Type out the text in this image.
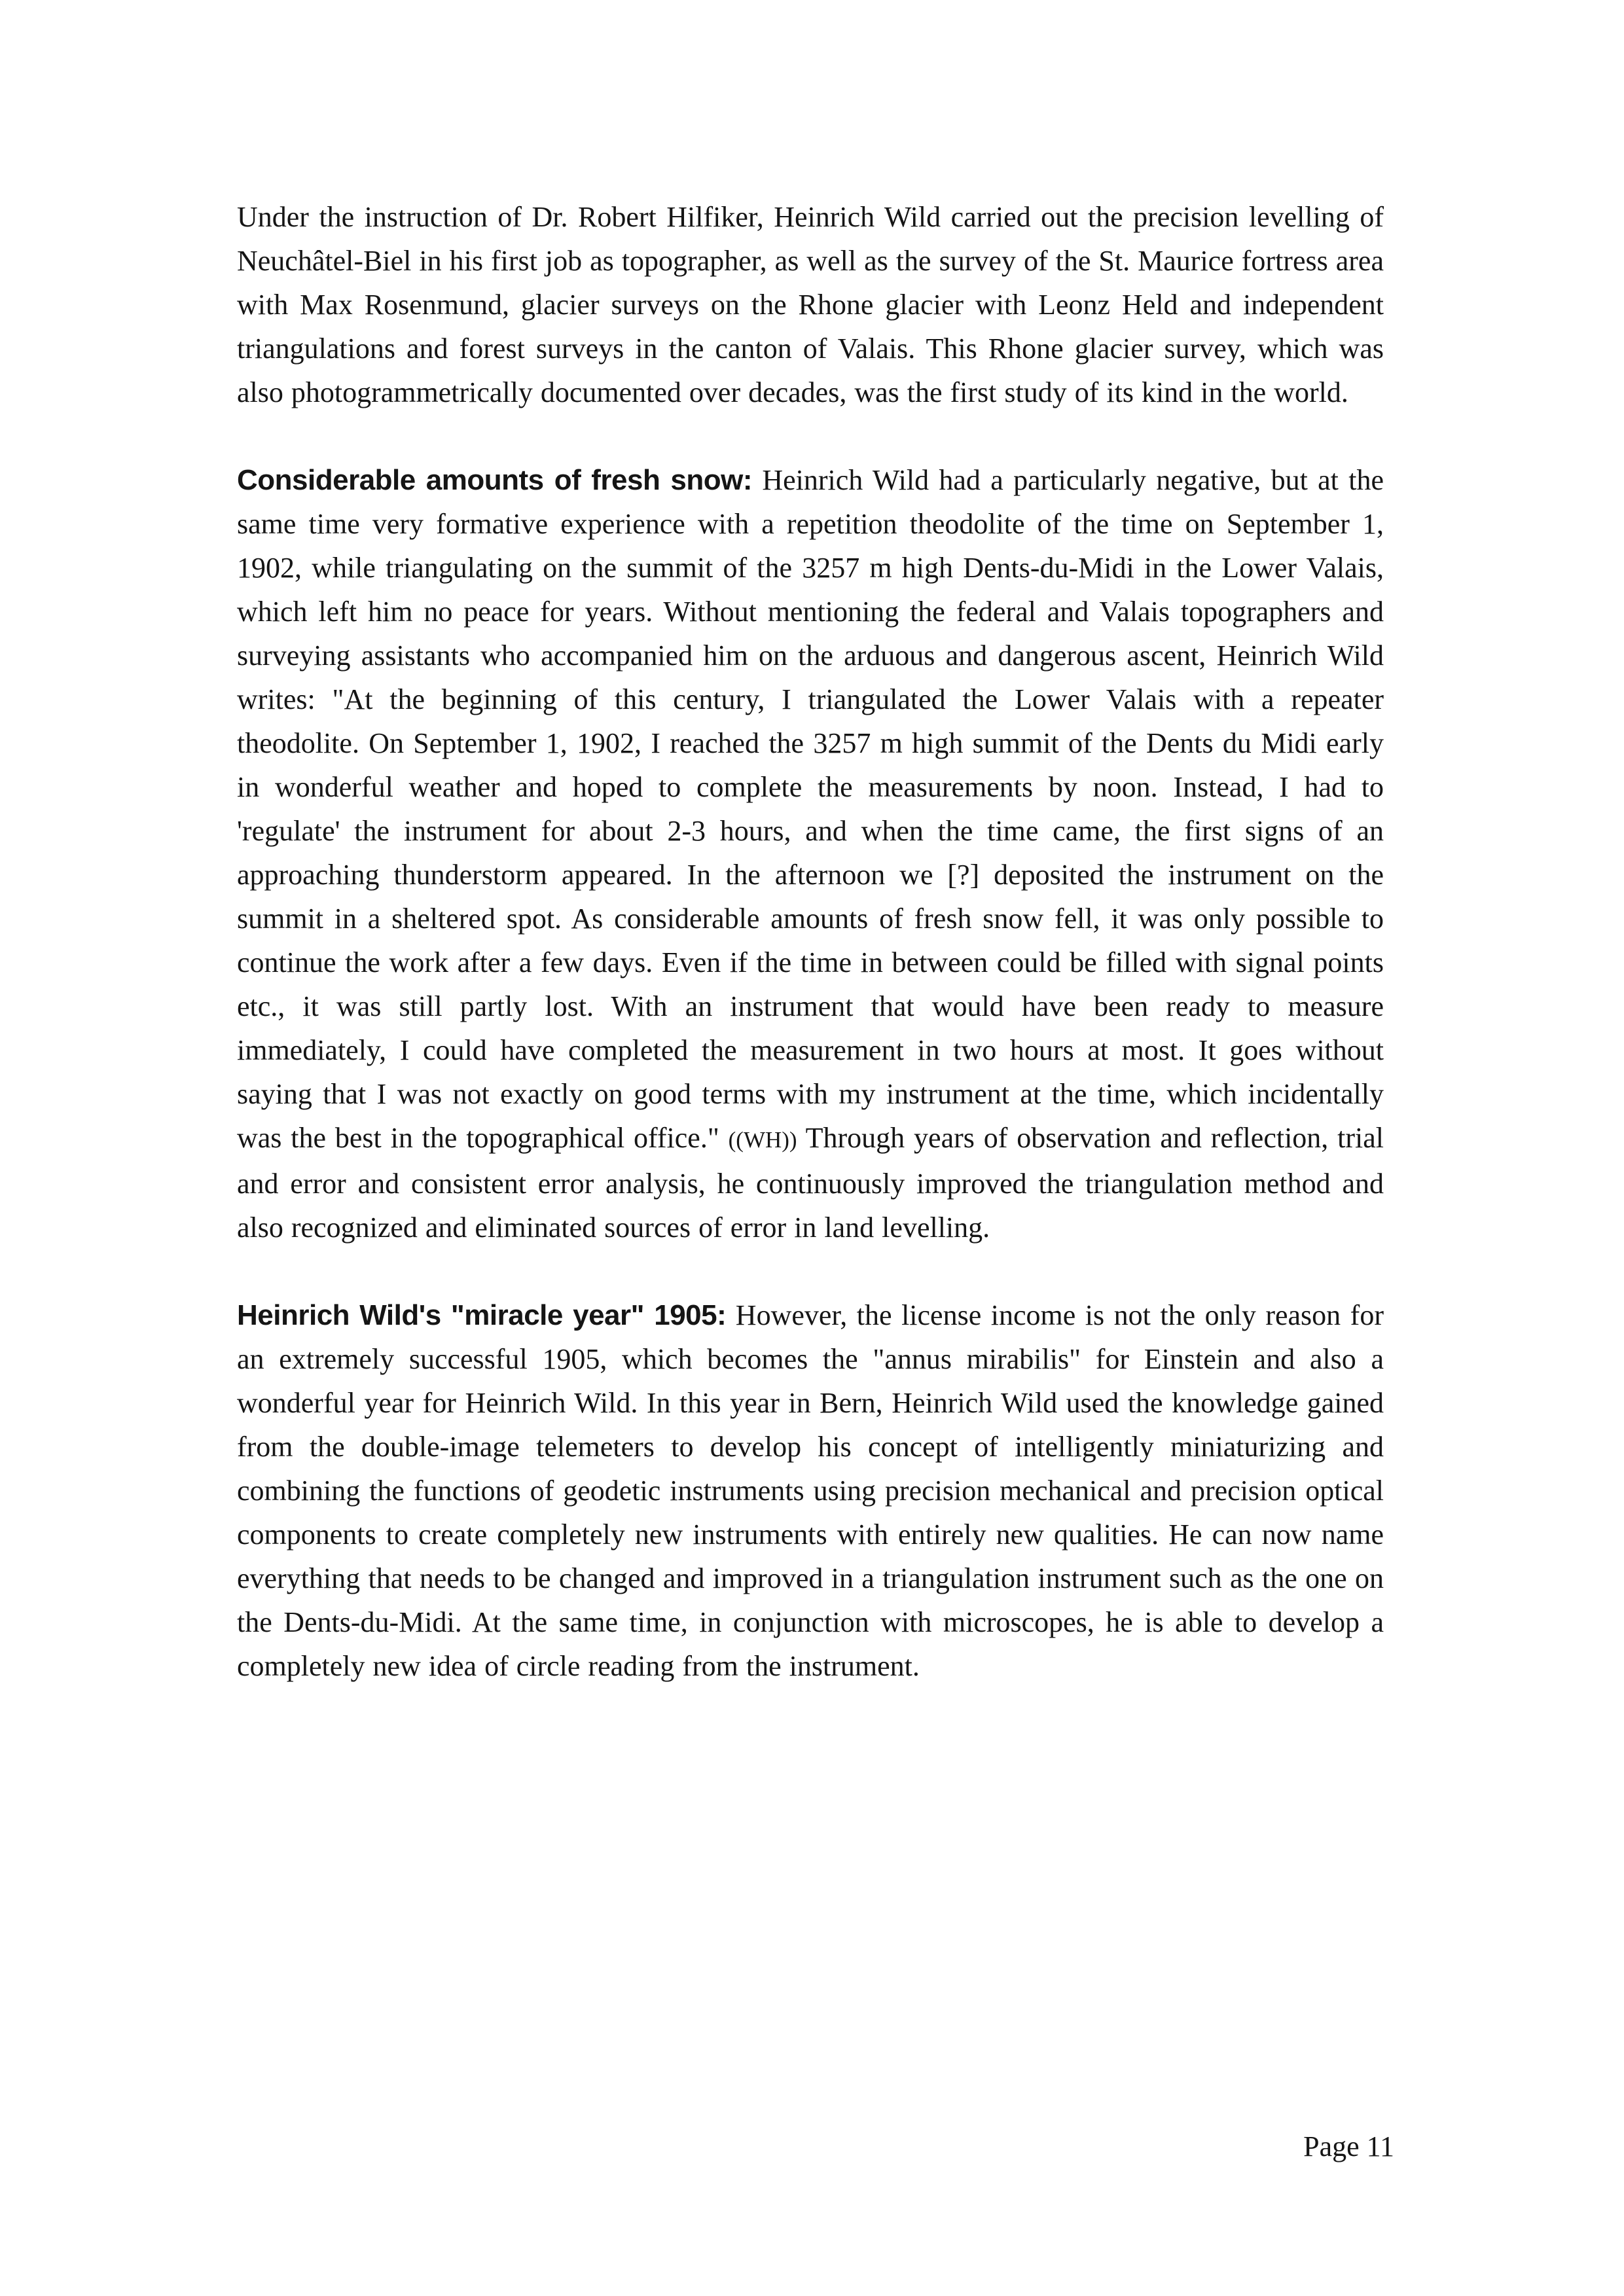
Under the instruction of Dr. Robert Hilfiker, Heinrich Wild carried out the precision levelling of Neuchâtel-Biel in his first job as topographer, as well as the survey of the St. Maurice fortress area with Max Rosenmund, glacier surveys on the Rhone glacier with Leonz Held and independent triangulations and forest surveys in the canton of Valais. This Rhone glacier survey, which was also photogrammetrically documented over decades, was the first study of its kind in the world.

Considerable amounts of fresh snow: Heinrich Wild had a particularly negative, but at the same time very formative experience with a repetition theodolite of the time on September 1, 1902, while triangulating on the summit of the 3257 m high Dents-du-Midi in the Lower Valais, which left him no peace for years. Without mentioning the federal and Valais topographers and surveying assistants who accompanied him on the arduous and dangerous ascent, Heinrich Wild writes: "At the beginning of this century, I triangulated the Lower Valais with a repeater theodolite. On September 1, 1902, I reached the 3257 m high summit of the Dents du Midi early in wonderful weather and hoped to complete the measurements by noon. Instead, I had to 'regulate' the instrument for about 2-3 hours, and when the time came, the first signs of an approaching thunderstorm appeared. In the afternoon we [?] deposited the instrument on the summit in a sheltered spot. As considerable amounts of fresh snow fell, it was only possible to continue the work after a few days. Even if the time in between could be filled with signal points etc., it was still partly lost. With an instrument that would have been ready to measure immediately, I could have completed the measurement in two hours at most. It goes without saying that I was not exactly on good terms with my instrument at the time, which incidentally was the best in the topographical office." ((WH)) Through years of observation and reflection, trial and error and consistent error analysis, he continuously improved the triangulation method and also recognized and eliminated sources of error in land levelling.

Heinrich Wild's "miracle year" 1905: However, the license income is not the only reason for an extremely successful 1905, which becomes the "annus mirabilis" for Einstein and also a wonderful year for Heinrich Wild. In this year in Bern, Heinrich Wild used the knowledge gained from the double-image telemeters to develop his concept of intelligently miniaturizing and combining the functions of geodetic instruments using precision mechanical and precision optical components to create completely new instruments with entirely new qualities. He can now name everything that needs to be changed and improved in a triangulation instrument such as the one on the Dents-du-Midi. At the same time, in conjunction with microscopes, he is able to develop a completely new idea of circle reading from the instrument.

Page 11
